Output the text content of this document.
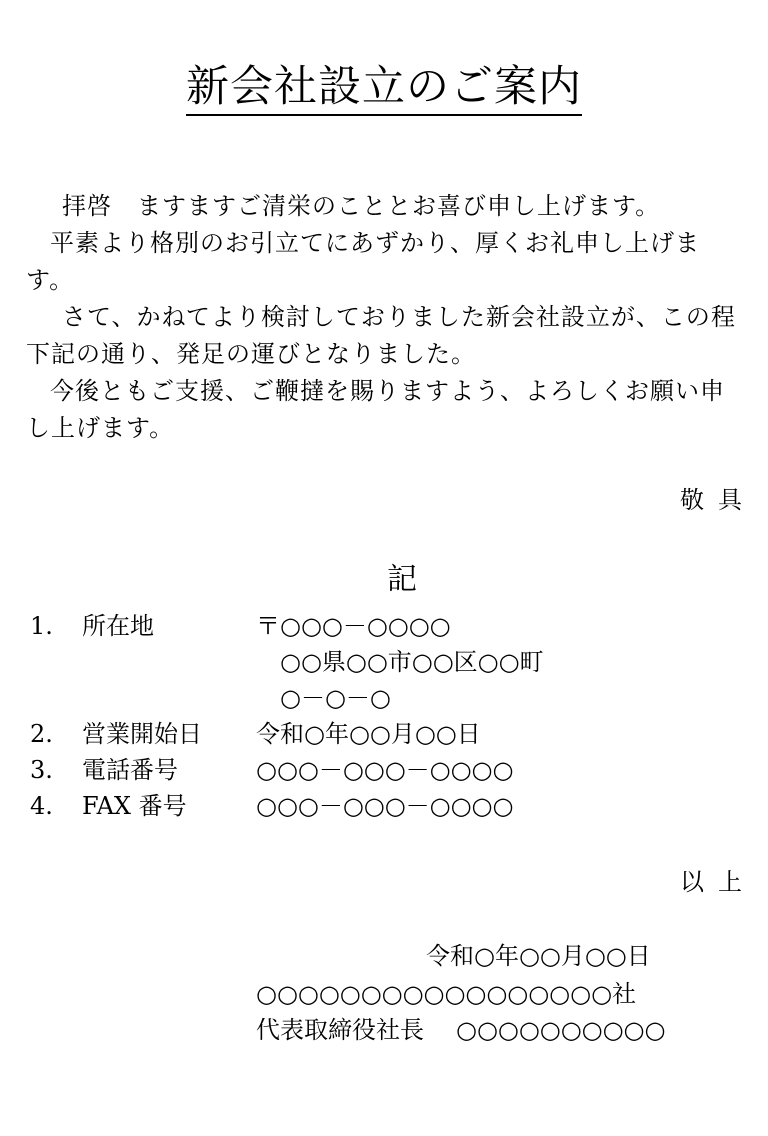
新会社設立のご案内

拝啓　ますますご清栄のこととお喜び申し上げます。

平素より格別のお引立てにあずかり、厚くお礼申し上げます。

さて、かねてより検討しておりました新会社設立が、この程下記の通り、発足の運びとなりました。

今後ともご支援、ご鞭撻を賜りますよう、よろしくお願い申し上げます。

敬具
記
1.	所在地	〒○○○－○○○○
　○○県○○市○○区○○町
　○－○－○
2.	営業開始日	令和○年○○月○○日
3.	電話番号	○○○－○○○－○○○○
4.	FAX 番号	○○○－○○○－○○○○
以上
令和○年○○月○○日
○○○○○○○○○○○○○○○○○社
代表取締役社長 ○○○○○○○○○○
